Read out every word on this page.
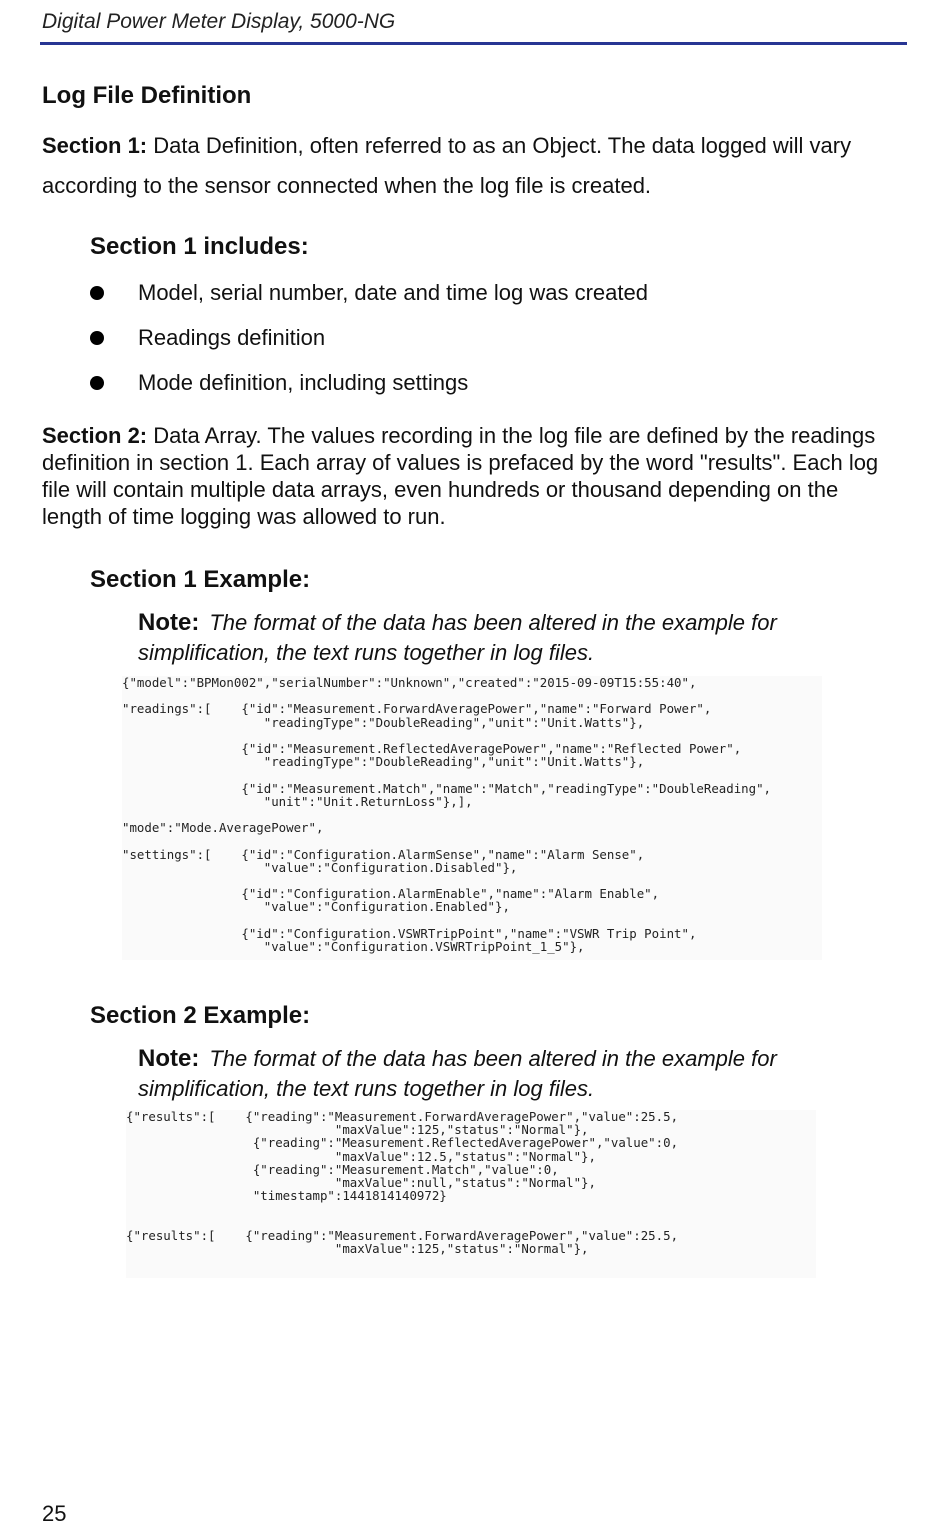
Digital Power Meter Display, 5000-NG
Log File Definition
Section 1: Data Definition, often referred to as an Object. The data logged will vary according to the sensor connected when the log file is created.
Section 1 includes:
Model, serial number, date and time log was created
Readings definition
Mode definition, including settings
Section 2: Data Array. The values recording in the log file are defined by the readings definition in section 1. Each array of values is prefaced by the word "results". Each log file will contain multiple data arrays, even hundreds or thousand depending on the length of time logging was allowed to run.
Section 1 Example:
Note: The format of the data has been altered in the example for simplification, the text runs together in log files.
{"model":"BPMon002","serialNumber":"Unknown","created":"2015-09-09T15:55:40",

"readings":[    {"id":"Measurement.ForwardAveragePower","name":"Forward Power",
"readingType":"DoubleReading","unit":"Unit.Watts"},

{"id":"Measurement.ReflectedAveragePower","name":"Reflected Power",
"readingType":"DoubleReading","unit":"Unit.Watts"},

{"id":"Measurement.Match","name":"Match","readingType":"DoubleReading",
"unit":"Unit.ReturnLoss"},],

"mode":"Mode.AveragePower",

"settings":[    {"id":"Configuration.AlarmSense","name":"Alarm Sense",
"value":"Configuration.Disabled"},

{"id":"Configuration.AlarmEnable","name":"Alarm Enable",
"value":"Configuration.Enabled"},

{"id":"Configuration.VSWRTripPoint","name":"VSWR Trip Point",
"value":"Configuration.VSWRTripPoint_1_5"},
Section 2 Example:
Note: The format of the data has been altered in the example for simplification, the text runs together in log files.
{"results":[    {"reading":"Measurement.ForwardAveragePower","value":25.5,
"maxValue":125,"status":"Normal"},
{"reading":"Measurement.ReflectedAveragePower","value":0,
"maxValue":12.5,"status":"Normal"},
{"reading":"Measurement.Match","value":0,
"maxValue":null,"status":"Normal"},
"timestamp":1441814140972}

{"results":[    {"reading":"Measurement.ForwardAveragePower","value":25.5,
"maxValue":125,"status":"Normal"},
25
